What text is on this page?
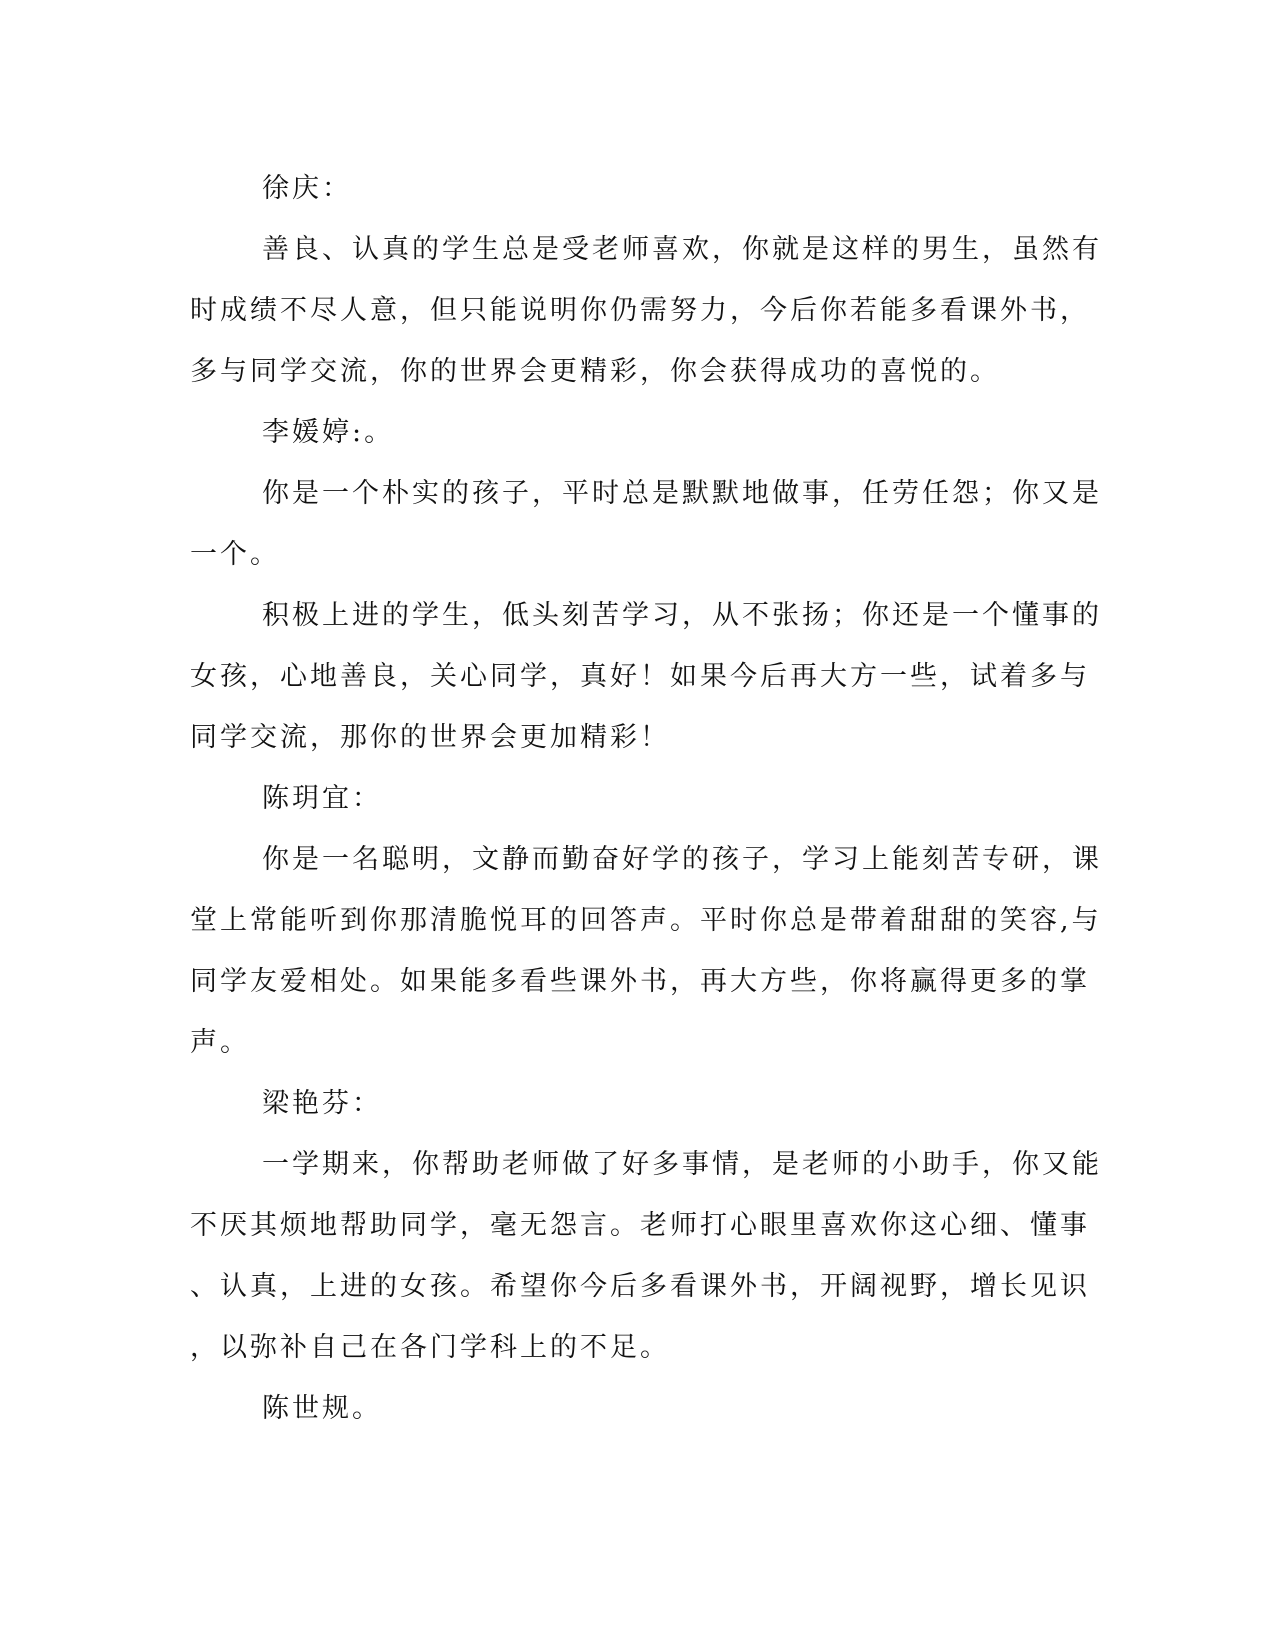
徐庆：

善良、认真的学生总是受老师喜欢，你就是这样的男生，虽然有

时成绩不尽人意，但只能说明你仍需努力，今后你若能多看课外书，

多与同学交流，你的世界会更精彩，你会获得成功的喜悦的。

李媛婷:。

你是一个朴实的孩子，平时总是默默地做事，任劳任怨；你又是

一个。

积极上进的学生，低头刻苦学习，从不张扬；你还是一个懂事的

女孩，心地善良，关心同学，真好！如果今后再大方一些，试着多与

同学交流，那你的世界会更加精彩！

陈玥宜：

你是一名聪明，文静而勤奋好学的孩子，学习上能刻苦专研，课

堂上常能听到你那清脆悦耳的回答声。平时你总是带着甜甜的笑容,与

同学友爱相处。如果能多看些课外书，再大方些，你将赢得更多的掌

声。

梁艳芬：

一学期来，你帮助老师做了好多事情，是老师的小助手，你又能

不厌其烦地帮助同学，毫无怨言。老师打心眼里喜欢你这心细、懂事

、认真，上进的女孩。希望你今后多看课外书，开阔视野，增长见识

，以弥补自己在各门学科上的不足。

陈世规。
